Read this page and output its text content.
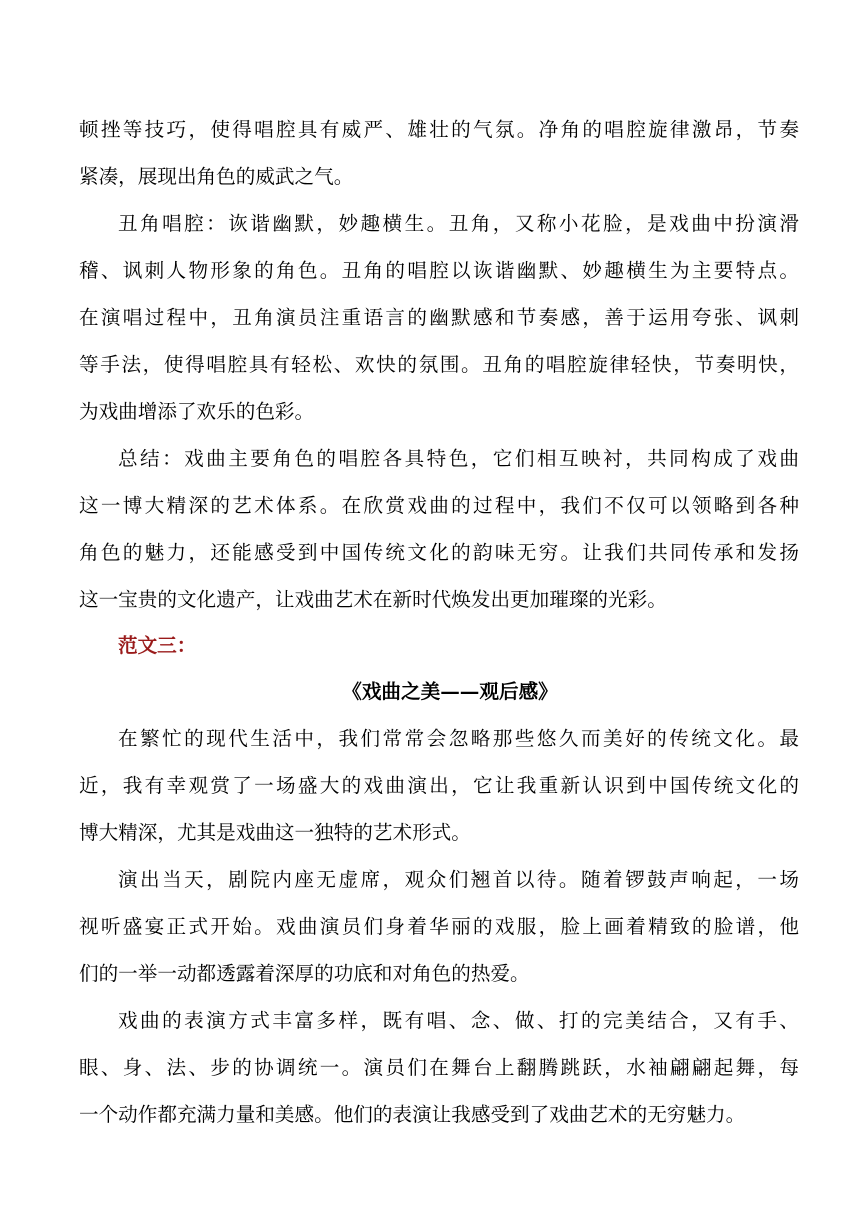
顿挫等技巧，使得唱腔具有威严、雄壮的气氛。净角的唱腔旋律激昂，节奏
紧凑，展现出角色的威武之气。
丑角唱腔：诙谐幽默，妙趣横生。丑角，又称小花脸，是戏曲中扮演滑
稽、讽刺人物形象的角色。丑角的唱腔以诙谐幽默、妙趣横生为主要特点。
在演唱过程中，丑角演员注重语言的幽默感和节奏感，善于运用夸张、讽刺
等手法，使得唱腔具有轻松、欢快的氛围。丑角的唱腔旋律轻快，节奏明快，
为戏曲增添了欢乐的色彩。
总结：戏曲主要角色的唱腔各具特色，它们相互映衬，共同构成了戏曲
这一博大精深的艺术体系。在欣赏戏曲的过程中，我们不仅可以领略到各种
角色的魅力，还能感受到中国传统文化的韵味无穷。让我们共同传承和发扬
这一宝贵的文化遗产，让戏曲艺术在新时代焕发出更加璀璨的光彩。
范文三：
《戏曲之美——观后感》
在繁忙的现代生活中，我们常常会忽略那些悠久而美好的传统文化。最
近，我有幸观赏了一场盛大的戏曲演出，它让我重新认识到中国传统文化的
博大精深，尤其是戏曲这一独特的艺术形式。
演出当天，剧院内座无虚席，观众们翘首以待。随着锣鼓声响起，一场
视听盛宴正式开始。戏曲演员们身着华丽的戏服，脸上画着精致的脸谱，他
们的一举一动都透露着深厚的功底和对角色的热爱。
戏曲的表演方式丰富多样，既有唱、念、做、打的完美结合，又有手、
眼、身、法、步的协调统一。演员们在舞台上翻腾跳跃，水袖翩翩起舞，每
一个动作都充满力量和美感。他们的表演让我感受到了戏曲艺术的无穷魅力。
